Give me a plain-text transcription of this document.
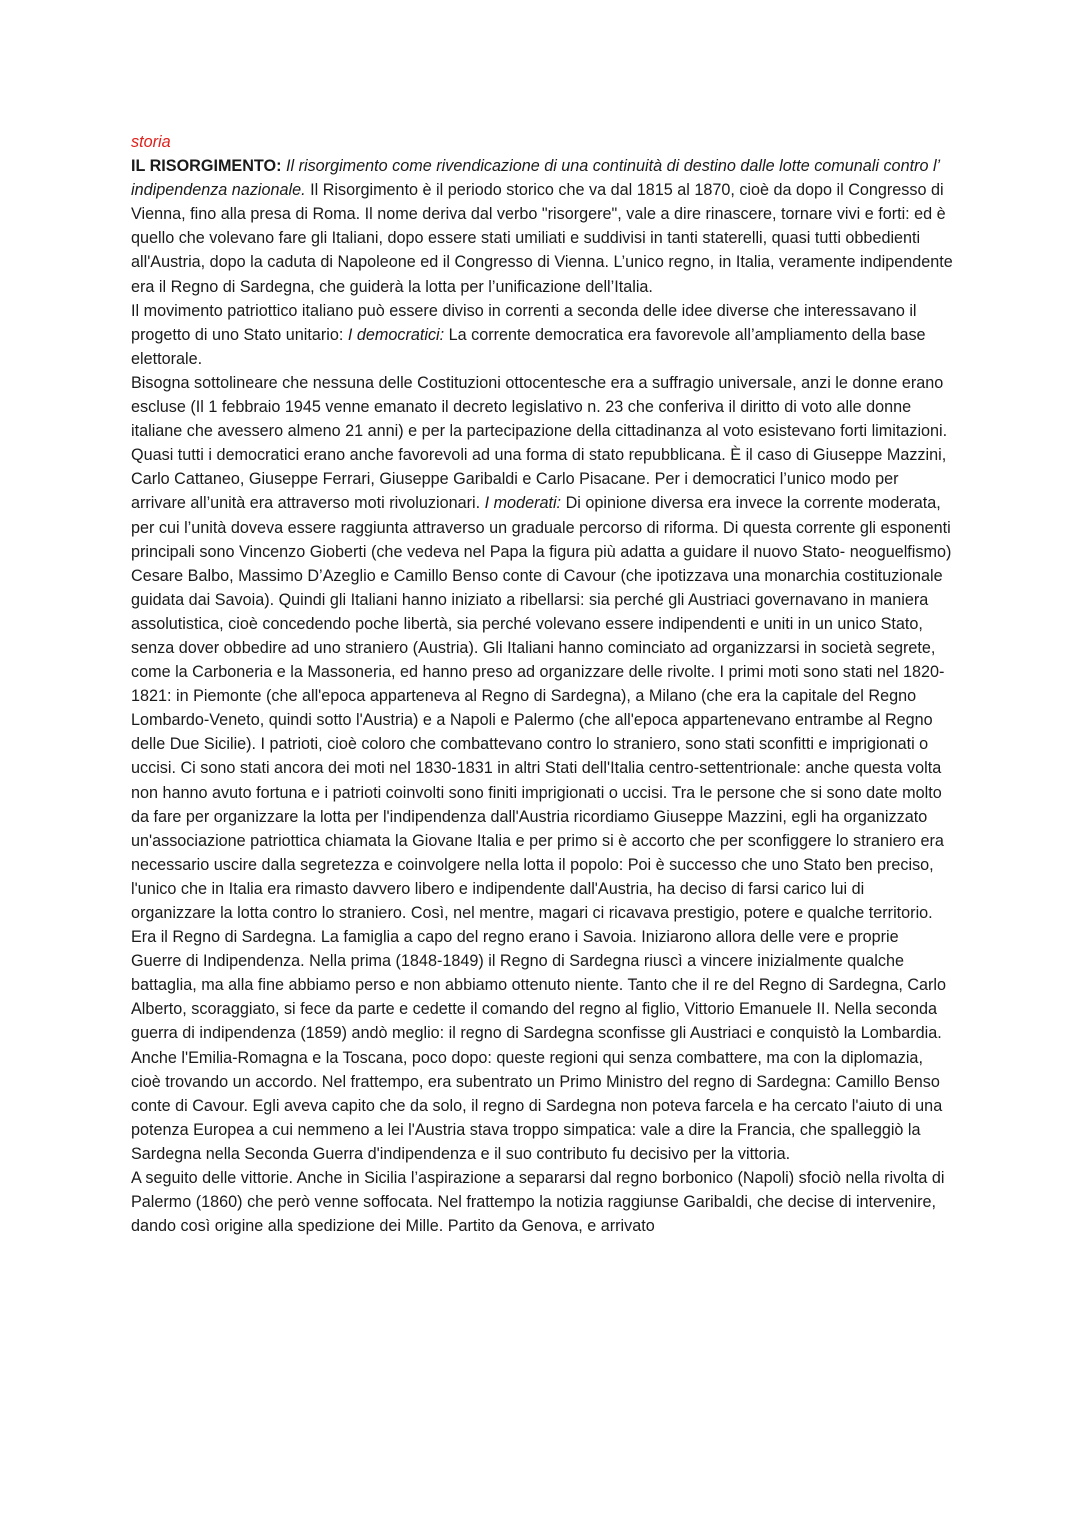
storia

IL RISORGIMENTO: Il risorgimento come rivendicazione di una continuità di destino dalle lotte comunali contro l’ indipendenza nazionale. Il Risorgimento è il periodo storico che va dal 1815 al 1870, cioè da dopo il Congresso di Vienna, fino alla presa di Roma. Il nome deriva dal verbo "risorgere", vale a dire rinascere, tornare vivi e forti: ed è quello che volevano fare gli Italiani, dopo essere stati umiliati e suddivisi in tanti staterelli, quasi tutti obbedienti all'Austria, dopo la caduta di Napoleone ed il Congresso di Vienna. L’unico regno, in Italia, veramente indipendente era il Regno di Sardegna, che guiderà la lotta per l’unificazione dell’Italia.

Il movimento patriottico italiano può essere diviso in correnti a seconda delle idee diverse che interessavano il progetto di uno Stato unitario: I democratici: La corrente democratica era favorevole all’ampliamento della base elettorale.

Bisogna sottolineare che nessuna delle Costituzioni ottocentesche era a suffragio universale, anzi le donne erano escluse (Il 1 febbraio 1945 venne emanato il decreto legislativo n. 23 che conferiva il diritto di voto alle donne italiane che avessero almeno 21 anni) e per la partecipazione della cittadinanza al voto esistevano forti limitazioni. Quasi tutti i democratici erano anche favorevoli ad una forma di stato repubblicana. È il caso di Giuseppe Mazzini, Carlo Cattaneo, Giuseppe Ferrari, Giuseppe Garibaldi e Carlo Pisacane. Per i democratici l’unico modo per arrivare all’unità era attraverso moti rivoluzionari. I moderati: Di opinione diversa era invece la corrente moderata, per cui l’unità doveva essere raggiunta attraverso un graduale percorso di riforma. Di questa corrente gli esponenti principali sono Vincenzo Gioberti (che vedeva nel Papa la figura più adatta a guidare il nuovo Stato- neoguelfismo) Cesare Balbo, Massimo D’Azeglio e Camillo Benso conte di Cavour (che ipotizzava una monarchia costituzionale guidata dai Savoia). Quindi gli Italiani hanno iniziato a ribellarsi: sia perché gli Austriaci governavano in maniera assolutistica, cioè concedendo poche libertà, sia perché volevano essere indipendenti e uniti in un unico Stato, senza dover obbedire ad uno straniero (Austria). Gli Italiani hanno cominciato ad organizzarsi in società segrete, come la Carboneria e la Massoneria, ed hanno preso ad organizzare delle rivolte. I primi moti sono stati nel 1820-1821: in Piemonte (che all'epoca apparteneva al Regno di Sardegna), a Milano (che era la capitale del Regno Lombardo-Veneto, quindi sotto l'Austria) e a Napoli e Palermo (che all'epoca appartenevano entrambe al Regno delle Due Sicilie). I patrioti, cioè coloro che combattevano contro lo straniero, sono stati sconfitti e imprigionati o uccisi. Ci sono stati ancora dei moti nel 1830-1831 in altri Stati dell'Italia centro-settentrionale: anche questa volta non hanno avuto fortuna e i patrioti coinvolti sono finiti imprigionati o uccisi. Tra le persone che si sono date molto da fare per organizzare la lotta per l'indipendenza dall'Austria ricordiamo Giuseppe Mazzini, egli ha organizzato un'associazione patriottica chiamata la Giovane Italia e per primo si è accorto che per sconfiggere lo straniero era necessario uscire dalla segretezza e coinvolgere nella lotta il popolo: Poi è successo che uno Stato ben preciso, l'unico che in Italia era rimasto davvero libero e indipendente dall'Austria, ha deciso di farsi carico lui di organizzare la lotta contro lo straniero. Così, nel mentre, magari ci ricavava prestigio, potere e qualche territorio. Era il Regno di Sardegna. La famiglia a capo del regno erano i Savoia. Iniziarono allora delle vere e proprie Guerre di Indipendenza. Nella prima (1848-1849) il Regno di Sardegna riuscì a vincere inizialmente qualche battaglia, ma alla fine abbiamo perso e non abbiamo ottenuto niente. Tanto che il re del Regno di Sardegna, Carlo Alberto, scoraggiato, si fece da parte e cedette il comando del regno al figlio, Vittorio Emanuele II. Nella seconda guerra di indipendenza (1859) andò meglio: il regno di Sardegna sconfisse gli Austriaci e conquistò la Lombardia. Anche l'Emilia-Romagna e la Toscana, poco dopo: queste regioni qui senza combattere, ma con la diplomazia, cioè trovando un accordo. Nel frattempo, era subentrato un Primo Ministro del regno di Sardegna: Camillo Benso conte di Cavour. Egli aveva capito che da solo, il regno di Sardegna non poteva farcela e ha cercato l'aiuto di una potenza Europea a cui nemmeno a lei l'Austria stava troppo simpatica: vale a dire la Francia, che spalleggiò la Sardegna nella Seconda Guerra d'indipendenza e il suo contributo fu decisivo per la vittoria.

A seguito delle vittorie. Anche in Sicilia l’aspirazione a separarsi dal regno borbonico (Napoli) sfociò nella rivolta di Palermo (1860) che però venne soffocata. Nel frattempo la notizia raggiunse Garibaldi, che decise di intervenire, dando così origine alla spedizione dei Mille. Partito da Genova, e arrivato
